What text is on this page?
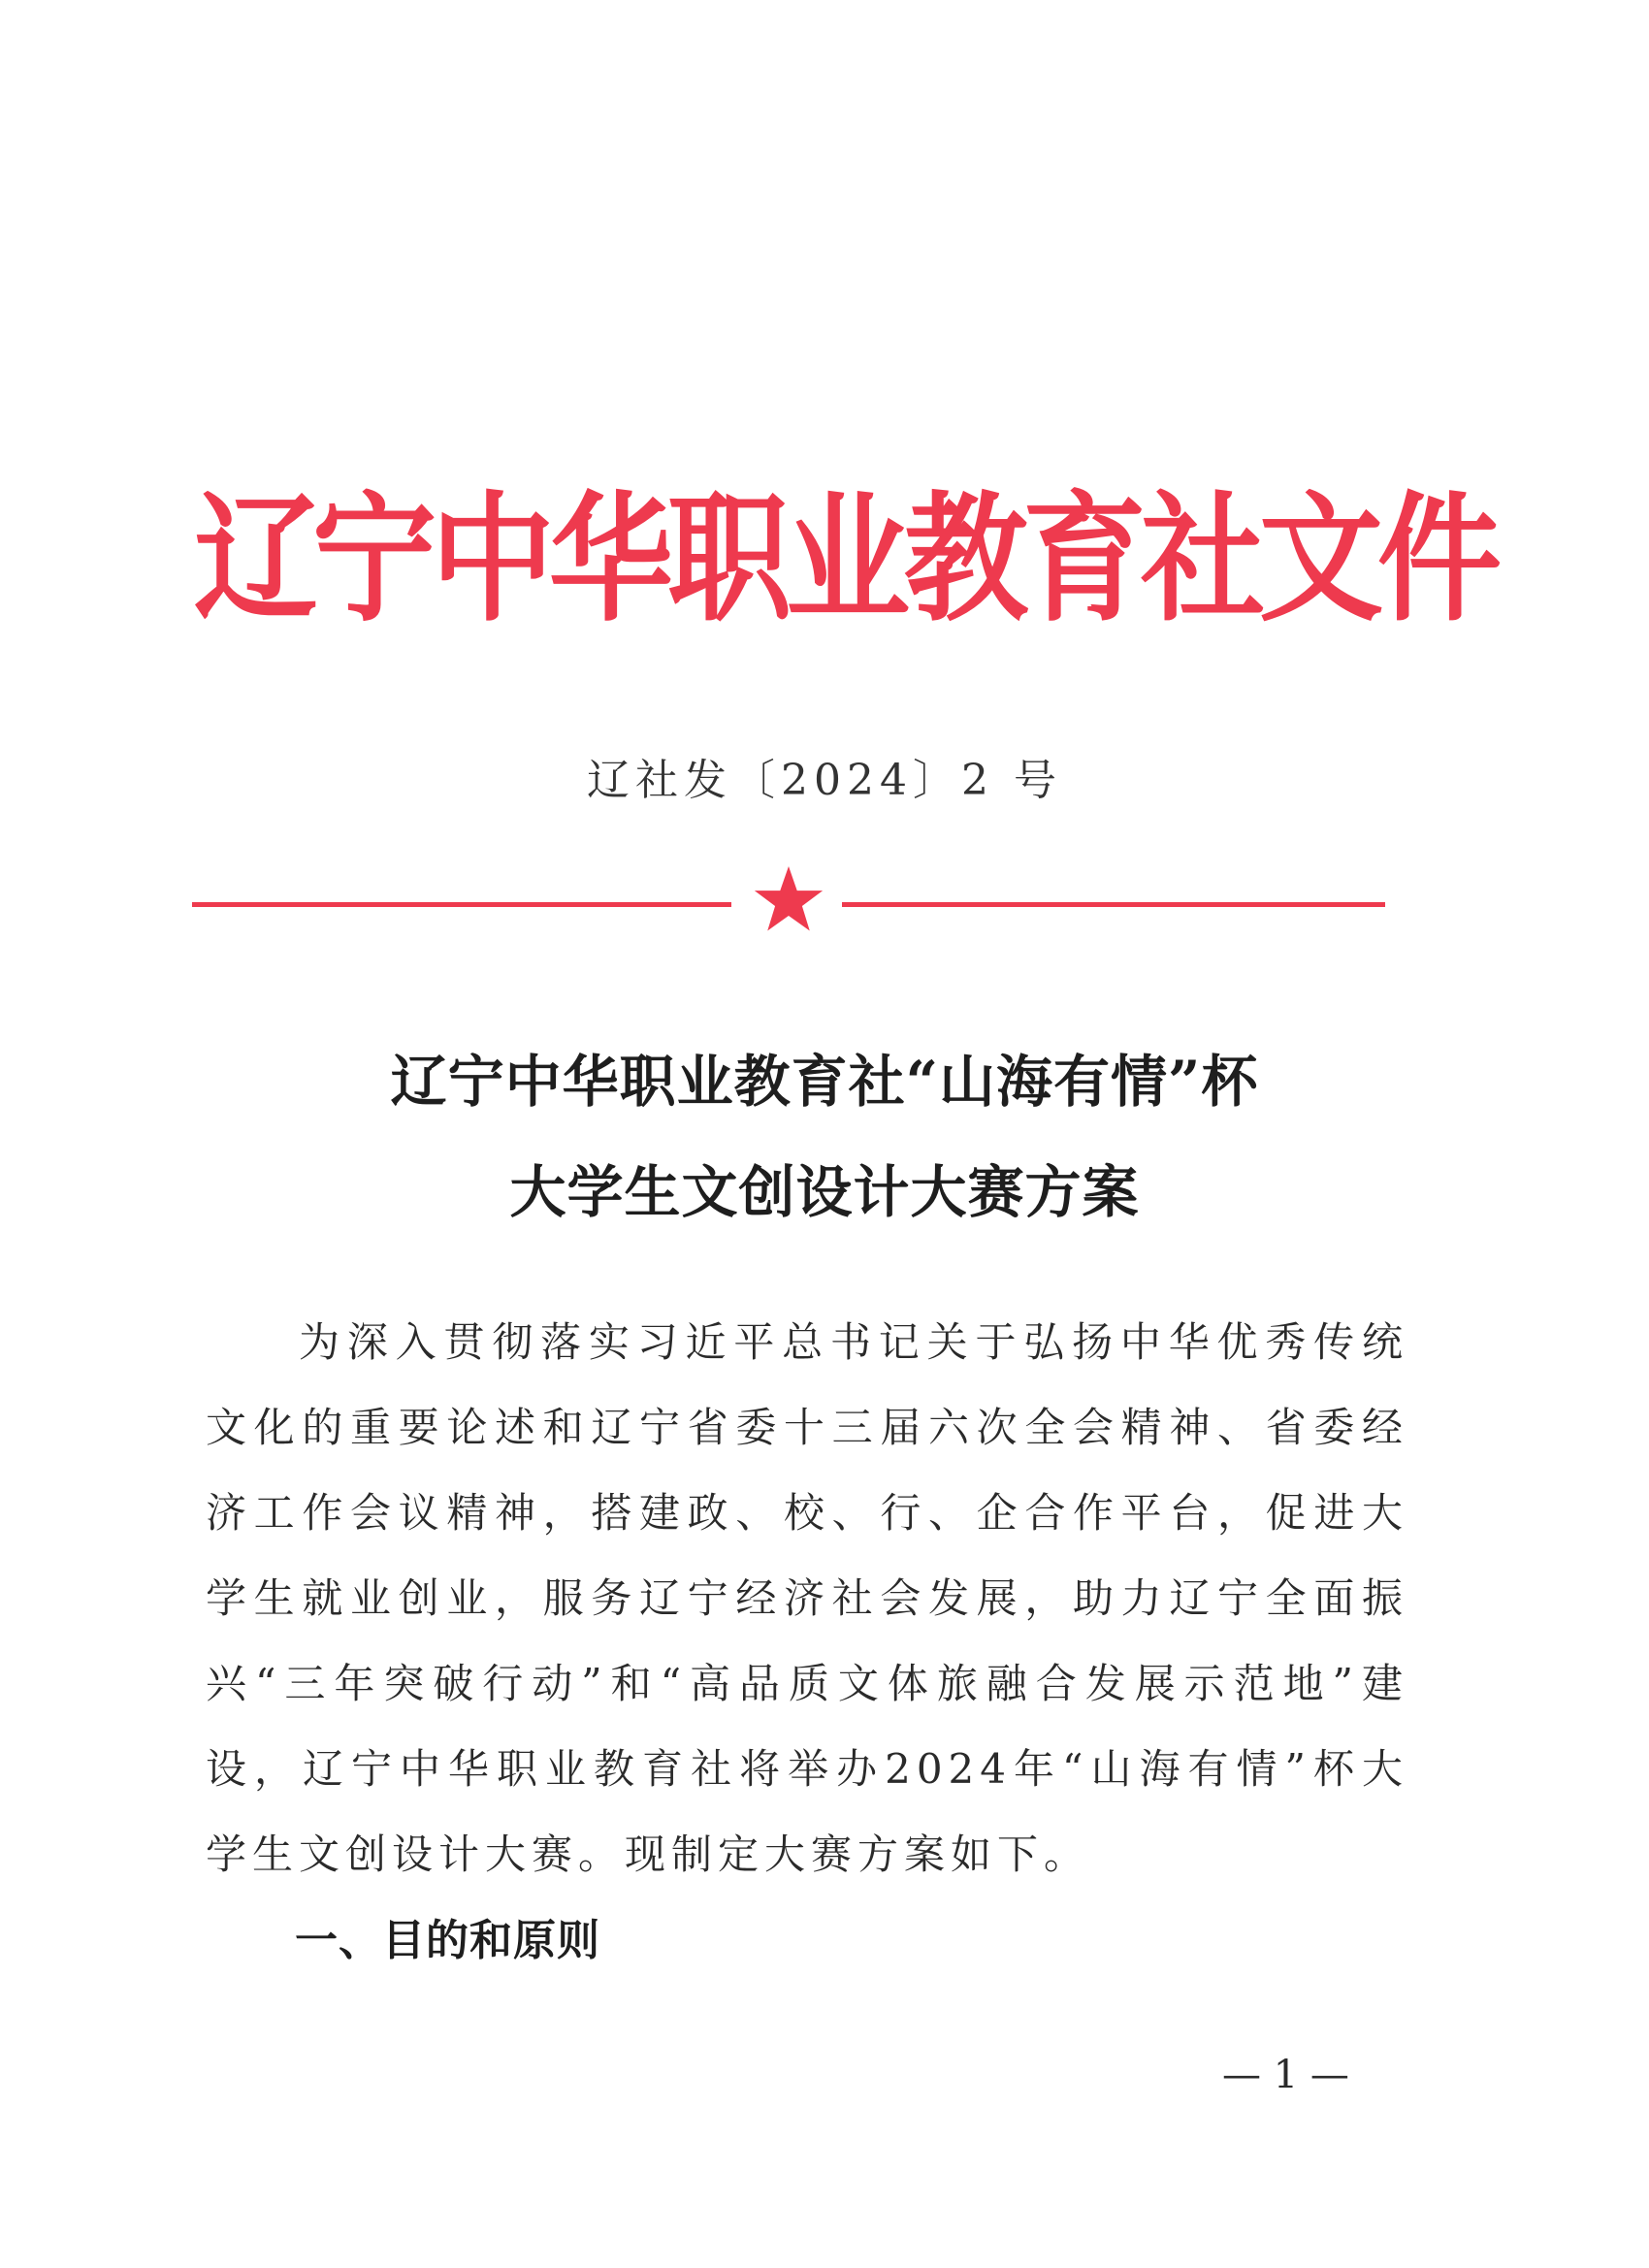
辽宁中华职业教育社文件
辽社发〔2024〕2 号
辽宁中华职业教育社“山海有情”杯
大学生文创设计大赛方案
为深入贯彻落实习近平总书记关于弘扬中华优秀传统文化的重要论述和辽宁省委十三届六次全会精神、省委经济工作会议精神，搭建政、校、行、企合作平台，促进大学生就业创业，服务辽宁经济社会发展，助力辽宁全面振兴“三年突破行动”和“高品质文体旅融合发展示范地”建设，辽宁中华职业教育社将举办2024年“山海有情”杯大学生文创设计大赛。现制定大赛方案如下。
一、目的和原则
— 1 —
